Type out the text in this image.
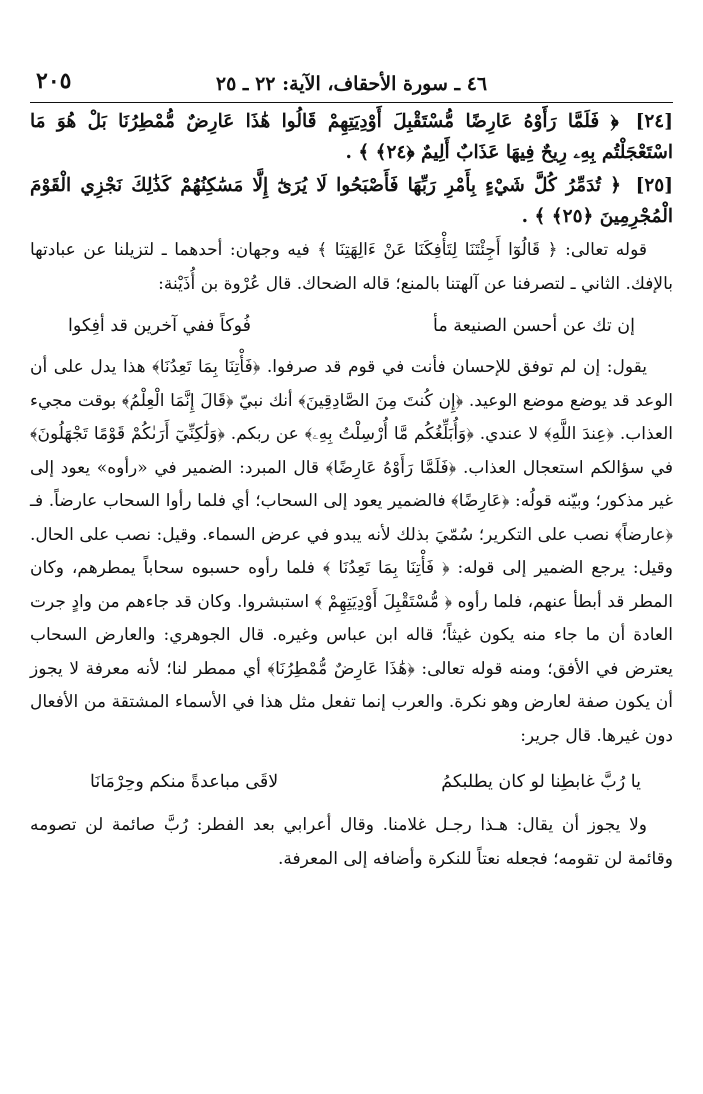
٢٠٥	٤٦ ـ سورة الأحقاف، الآية: ٢٢ ـ ٢٥

[٢٤] ﴿ فَلَمَّا رَأَوْهُ عَارِضًا مُّسْتَقْبِلَ أَوْدِيَتِهِمْ قَالُوا هَٰذَا عَارِضٌ مُّمْطِرُنَا بَلْ هُوَ مَا اسْتَعْجَلْتُم بِهِۦ رِيحٌ فِيهَا عَذَابٌ أَلِيمٌ ﴿٢٤﴾ ﴾ .

[٢٥] ﴿ تُدَمِّرُ كُلَّ شَيْءٍ بِأَمْرِ رَبِّهَا فَأَصْبَحُوا لَا يُرَىٰٓ إِلَّا مَسَٰكِنُهُمْ كَذَٰلِكَ نَجْزِي الْقَوْمَ الْمُجْرِمِينَ ﴿٢٥﴾ ﴾ .

قوله تعالى: ﴿ قَالُوٓا أَجِئْتَنَا لِتَأْفِكَنَا عَنْ ءَالِهَتِنَا ﴾ فيه وجهان: أحدهما ـ لتزيلنا عن عبادتها بالإفك. الثاني ـ لتصرفنا عن آلهتنا بالمنع؛ قاله الضحاك. قال عُرْوة بن أُذَيْنة:

إن تك عن أحسن الصنيعة مأ
فُوكاً ففي آخرين قد أفِكوا

يقول: إن لم توفق للإحسان فأنت في قوم قد صرفوا. ﴿فَأْتِنَا بِمَا تَعِدُنَا﴾ هذا يدل على أن الوعد قد يوضع موضع الوعيد. ﴿إِن كُنتَ مِنَ الصَّادِقِينَ﴾ أنك نبيّ ﴿قَالَ إِنَّمَا الْعِلْمُ﴾ بوقت مجيء العذاب. ﴿عِندَ اللَّهِ﴾ لا عندي. ﴿وَأُبَلِّغُكُم مَّا أُرْسِلْتُ بِهِۦ﴾ عن ربكم. ﴿وَلَٰكِنِّيٓ أَرَىٰكُمْ قَوْمًا تَجْهَلُونَ﴾ في سؤالكم استعجال العذاب. ﴿فَلَمَّا رَأَوْهُ عَارِضًا﴾ قال المبرد: الضمير في «رأوه» يعود إلى غير مذكور؛ وبيّنه قولُه: ﴿عَارِضًا﴾ فالضمير يعود إلى السحاب؛ أي فلما رأوا السحاب عارضاً. فـ ﴿عارضاً﴾ نصب على التكرير؛ سُمّيَ بذلك لأنه يبدو في عرض السماء. وقيل: نصب على الحال. وقيل: يرجع الضمير إلى قوله: ﴿ فَأْتِنَا بِمَا تَعِدُنَا ﴾ فلما رأوه حسبوه سحاباً يمطرهم، وكان المطر قد أبطأ عنهم، فلما رأوه ﴿ مُّسْتَقْبِلَ أَوْدِيَتِهِمْ ﴾ استبشروا. وكان قد جاءهم من وادٍ جرت العادة أن ما جاء منه يكون غيثاً؛ قاله ابن عباس وغيره. قال الجوهري: والعارض السحاب يعترض في الأفق؛ ومنه قوله تعالى: ﴿هَٰذَا عَارِضٌ مُّمْطِرُنَا﴾ أي ممطر لنا؛ لأنه معرفة لا يجوز أن يكون صفة لعارض وهو نكرة. والعرب إنما تفعل مثل هذا في الأسماء المشتقة من الأفعال دون غيرها. قال جرير:

يا رُبَّ غابطِنا لو كان يطلبكمُ
لاقَى مباعدةً منكم وحِرْمَانَا

ولا يجوز أن يقال: هـذا رجـل غلامنا. وقال أعرابي بعد الفطر: رُبَّ صائمة لن تصومه وقائمة لن تقومه؛ فجعله نعتاً للنكرة وأضافه إلى المعرفة.
